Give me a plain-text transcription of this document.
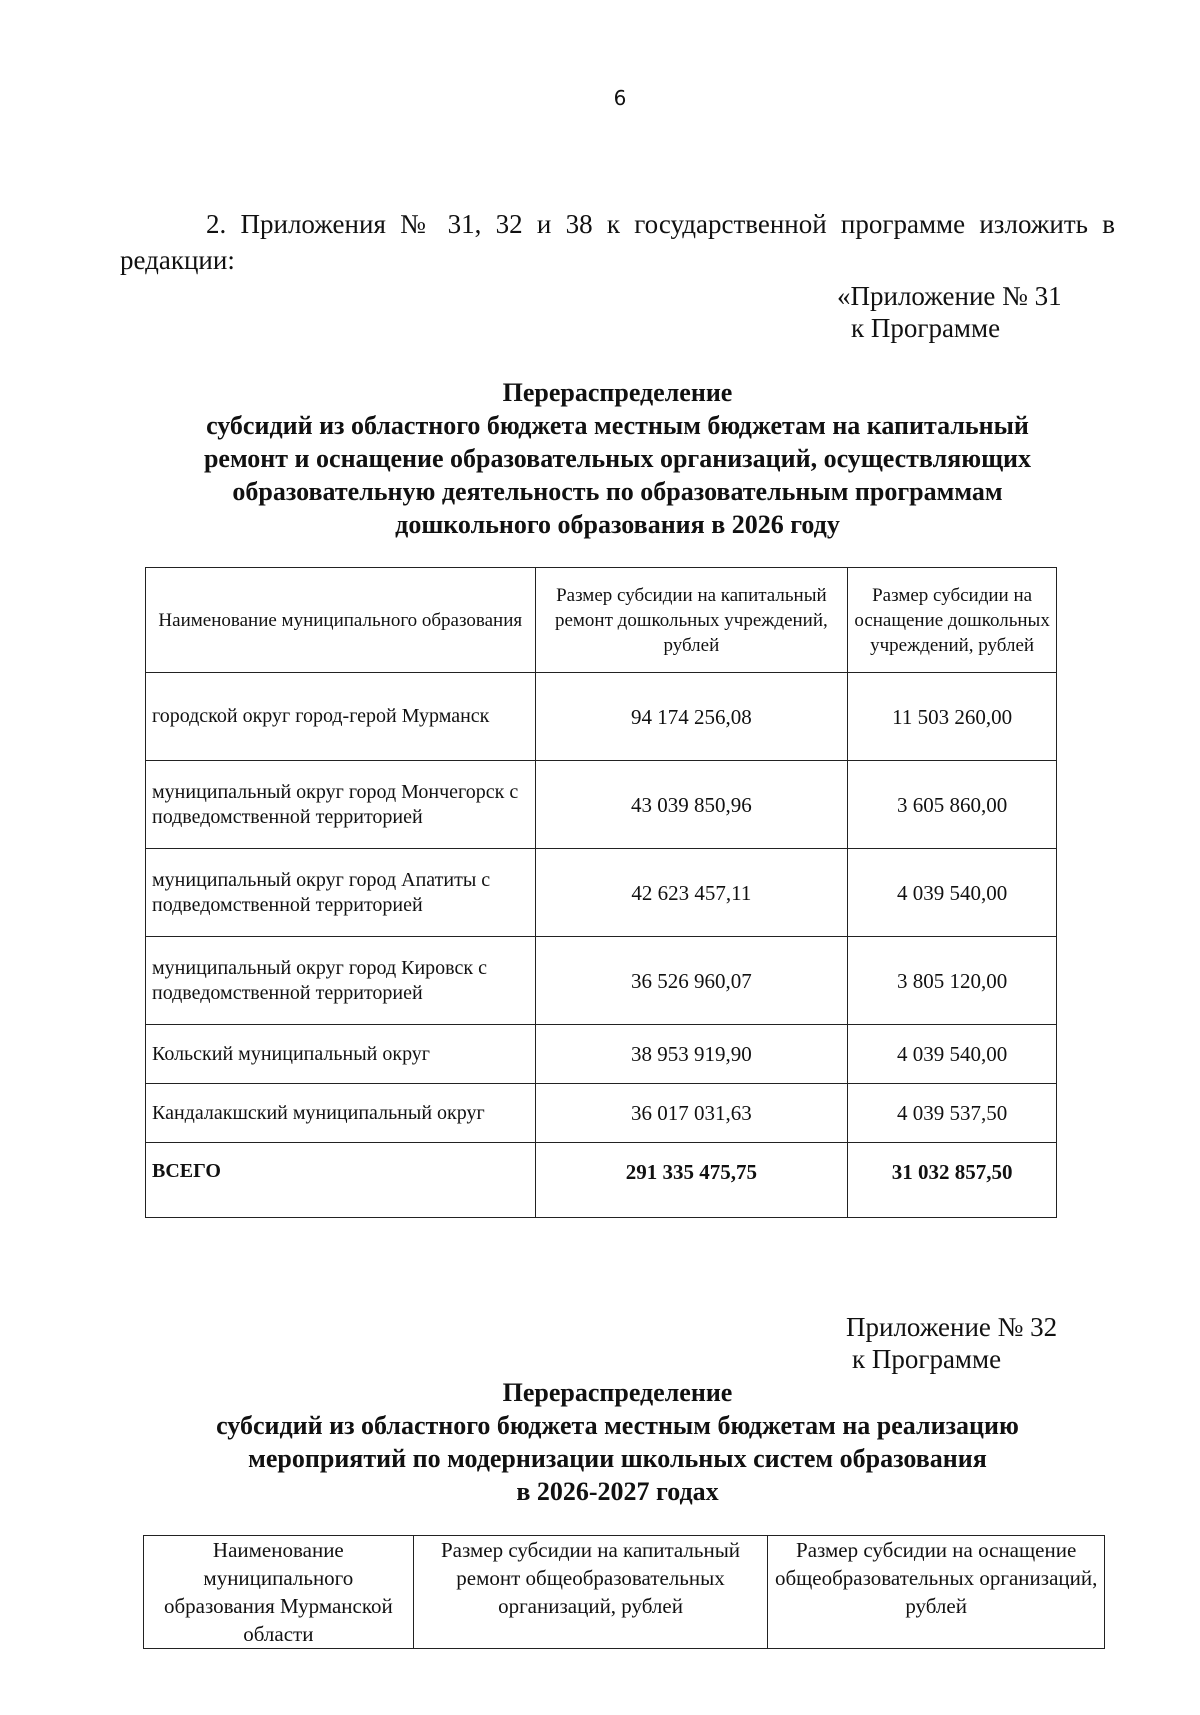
6

2. Приложения № 31, 32 и 38 к государственной программе изложить в редакции:

«Приложение № 31
к Программе
Перераспределение
субсидий из областного бюджета местным бюджетам на капитальный
ремонт и оснащение образовательных организаций, осуществляющих
образовательную деятельность по образовательным программам
дошкольного образования в 2026 году
Наименование муниципального образования	Размер субсидии на капитальный ремонт дошкольных учреждений, рублей	Размер субсидии на оснащение дошкольных учреждений, рублей
городской округ город-герой Мурманск	94 174 256,08	11 503 260,00
муниципальный округ город Мончегорск с подведомственной территорией	43 039 850,96	3 605 860,00
муниципальный округ город Апатиты с подведомственной территорией	42 623 457,11	4 039 540,00
муниципальный округ город Кировск с подведомственной территорией	36 526 960,07	3 805 120,00
Кольский муниципальный округ	38 953 919,90	4 039 540,00
Кандалакшский муниципальный округ	36 017 031,63	4 039 537,50
ВСЕГО	291 335 475,75	31 032 857,50
Приложение № 32
к Программе
Перераспределение
субсидий из областного бюджета местным бюджетам на реализацию
мероприятий по модернизации школьных систем образования
в 2026-2027 годах
Наименование муниципального образования Мурманской области	Размер субсидии на капитальный ремонт общеобразовательных организаций, рублей	Размер субсидии на оснащение общеобразовательных организаций, рублей
